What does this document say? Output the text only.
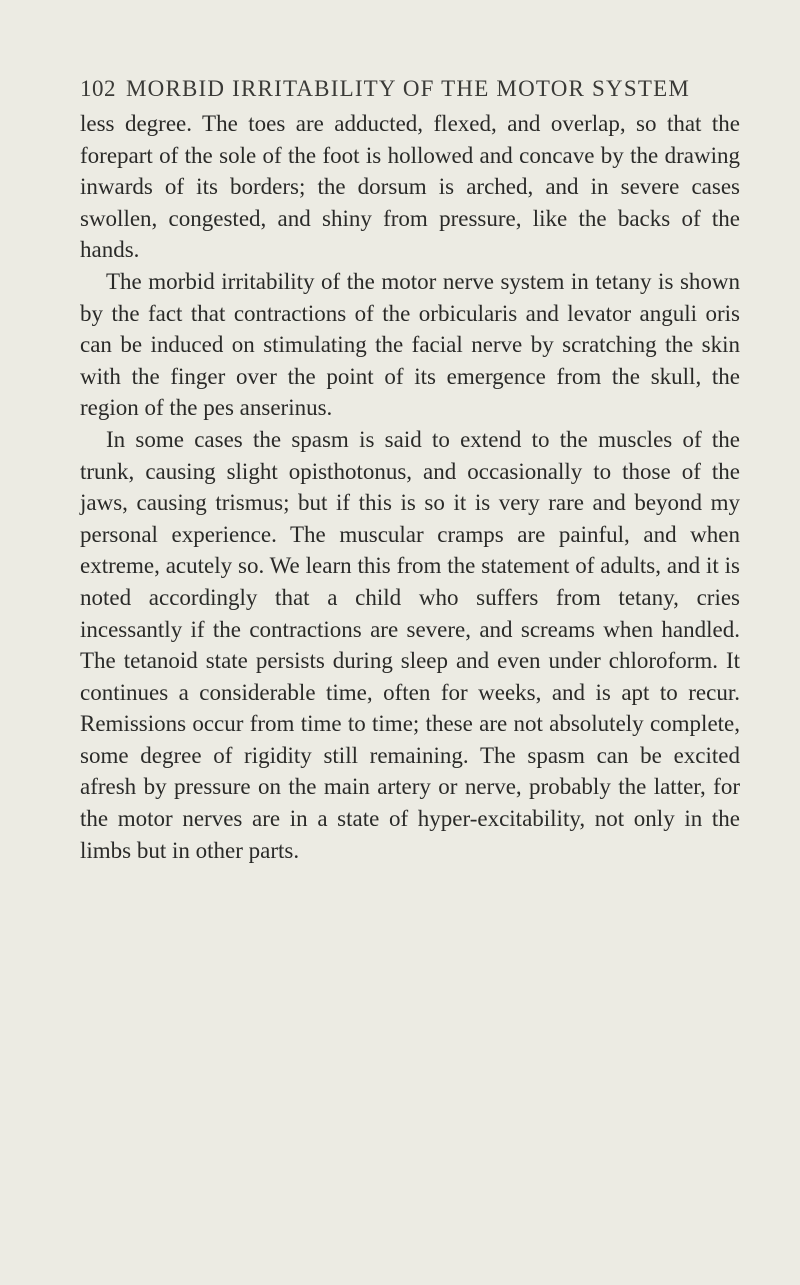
102 MORBID IRRITABILITY OF THE MOTOR SYSTEM

less degree. The toes are adducted, flexed, and overlap, so that the forepart of the sole of the foot is hollowed and concave by the drawing inwards of its borders; the dorsum is arched, and in severe cases swollen, congested, and shiny from pressure, like the backs of the hands.

The morbid irritability of the motor nerve system in tetany is shown by the fact that contractions of the orbicularis and levator anguli oris can be induced on stimulating the facial nerve by scratching the skin with the finger over the point of its emergence from the skull, the region of the pes anserinus.

In some cases the spasm is said to extend to the muscles of the trunk, causing slight opisthotonus, and occasionally to those of the jaws, causing trismus; but if this is so it is very rare and beyond my personal experience. The muscular cramps are painful, and when extreme, acutely so. We learn this from the statement of adults, and it is noted accordingly that a child who suffers from tetany, cries incessantly if the contractions are severe, and screams when handled. The tetanoid state persists during sleep and even under chloroform. It continues a considerable time, often for weeks, and is apt to recur. Remissions occur from time to time; these are not absolutely complete, some degree of rigidity still remaining. The spasm can be excited afresh by pressure on the main artery or nerve, probably the latter, for the motor nerves are in a state of hyper-excitability, not only in the limbs but in other parts.
